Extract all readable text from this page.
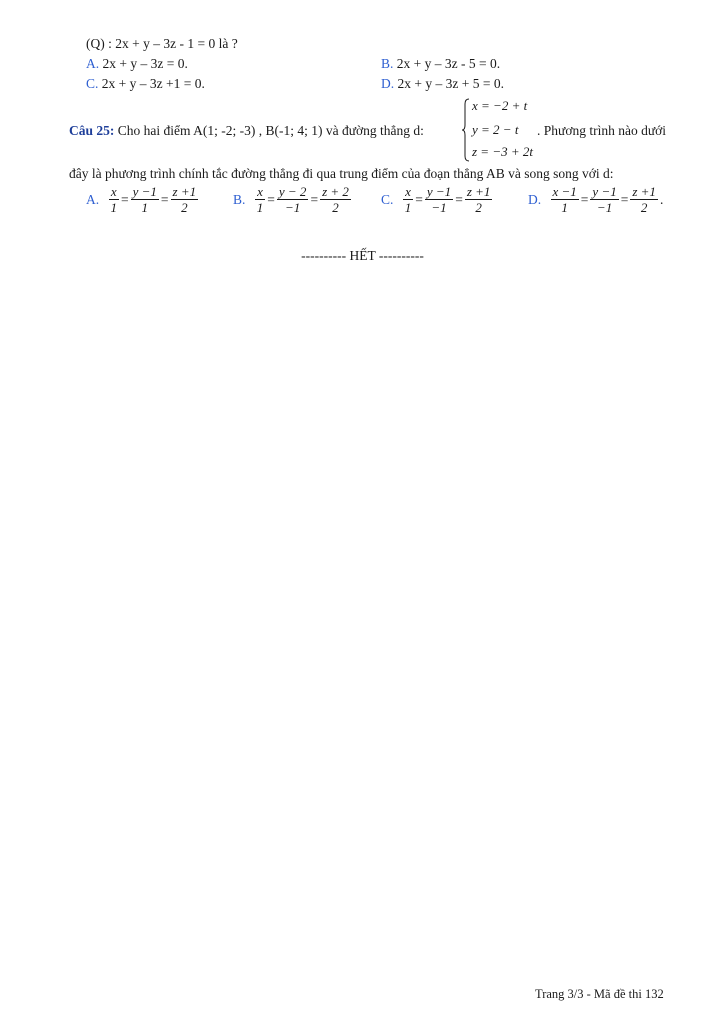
(Q) : 2x + y – 3z - 1 = 0 là ?
A. 2x + y – 3z = 0.	B. 2x + y – 3z - 5 = 0.
C. 2x + y – 3z +1 = 0.	D. 2x + y – 3z + 5 = 0.
Câu 25: Cho hai điểm A(1; -2; -3) , B(-1; 4; 1) và đường thẳng d:
x = −2 + t
y = 2 − t
z = −3 + 2t
. Phương trình nào dưới
đây là phương trình chính tắc đường thẳng đi qua trung điểm của đoạn thẳng AB và song song với d:
A. $\frac{x}{1} = \frac{y -1}{1} = \frac{z +1}{2}$	B. $\frac{x}{1} = \frac{y - 2}{-1} = \frac{z + 2}{2} C$. $\frac{x}{1} = \frac{y -1}{-1} = \frac{z +1}{2}$	D. $\frac{x -1}{1} = \frac{y -1}{-1} = \frac{z +1}{2}$ .
---------- HẾT ----------
Trang 3/3 - Mã đề thi 132
